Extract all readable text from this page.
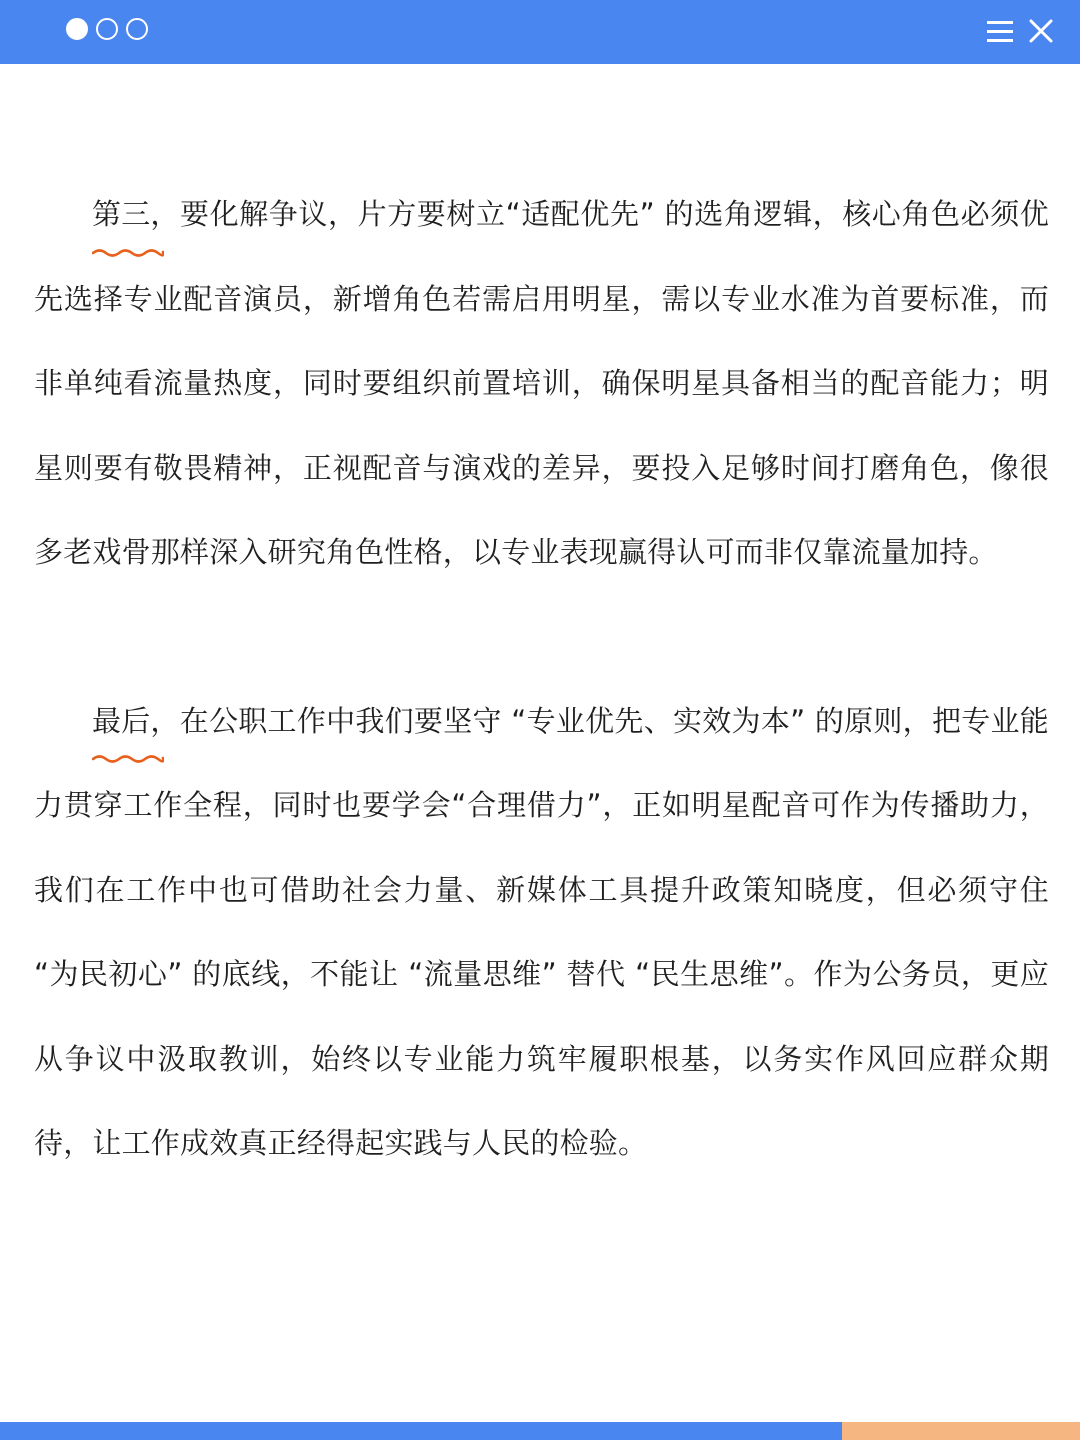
第三，
要化解争议，片方要树立“适配优先” 的选角逻辑，核心角色必须优先选择专业配音演员，新增角色若需启用明星，需以专业水准为首要标准，而非单纯看流量热度，同时要组织前置培训，确保明星具备相当的配音能力；明星则要有敬畏精神，正视配音与演戏的差异，要投入足够时间打磨角色，像很多老戏骨那样深入研究角色性格，以专业表现赢得认可而非仅靠流量加持。

最后，
在公职工作中我们要坚守 “专业优先、实效为本” 的原则，把专业能力贯穿工作全程，同时也要学会“合理借力”，正如明星配音可作为传播助力，我们在工作中也可借助社会力量、新媒体工具提升政策知晓度，但必须守住 “为民初心” 的底线，不能让 “流量思维” 替代 “民生思维”。作为公务员，更应从争议中汲取教训，始终以专业能力筑牢履职根基，以务实作风回应群众期待，让工作成效真正经得起实践与人民的检验。
